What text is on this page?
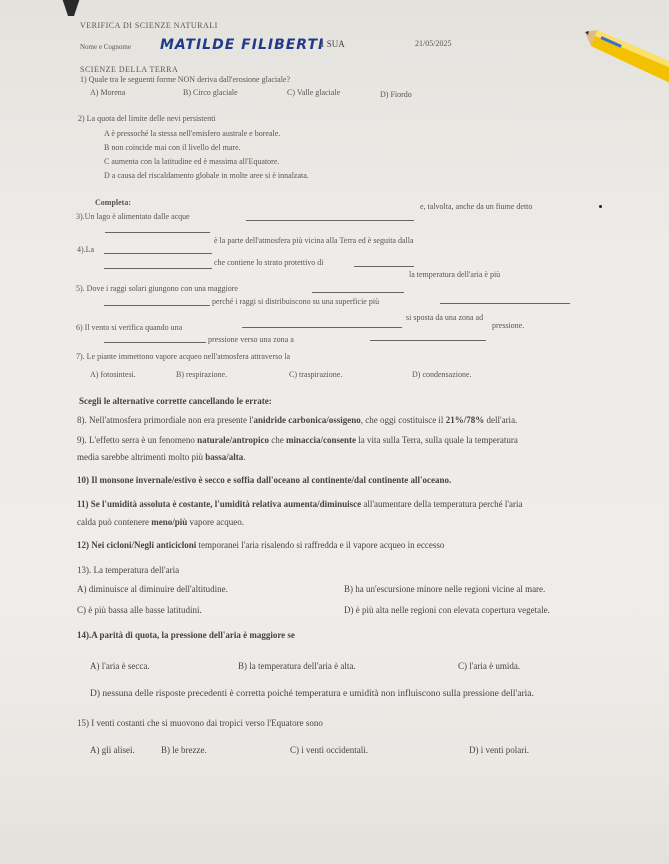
VERIFICA DI SCIENZE NATURALI
Nome e Cognome MATILDE FILIBERTI
1 SUA	21/05/2025
SCIENZE DELLA TERRA
1) Quale tra le seguenti forme NON deriva dall'erosione glaciale?
A) Morena	B) Circo glaciale	C) Valle glaciale	D) Fiordo
2) La quota del limite delle nevi persistenti
A è pressoché la stessa nell'emisfero australe e boreale.
B non coincide mai con il livello del mare.
C aumenta con la latitudine ed è massima all'Equatore.
D a causa del riscaldamento globale in molte aree si è innalzata.
Completa:
3).Un lago è alimentato dalle acque
e, talvolta, anche da un fiume detto
4).La
è la parte dell'atmosfera più vicina alla Terra ed è seguita dalla
che contiene lo strato protettivo di
5). Dove i raggi solari giungono con una maggiore
la temperatura dell'aria è più
perché i raggi si distribuiscono su una superficie più
6) Il vento si verifica quando una
si sposta da una zona ad
pressione verso una zona a
pressione.
7). Le piante immettono vapore acqueo nell'atmosfera attraverso la
A) fotosintesi.	B) respirazione.	C) traspirazione.	D) condensazione.
Scegli le alternative corrette cancellando le errate:
8). Nell'atmosfera primordiale non era presente l'anidride carbonica/ossigeno, che oggi costituisce il 21%/78% dell'aria.
9). L'effetto serra è un fenomeno naturale/antropico che minaccia/consente la vita sulla Terra, sulla quale la temperatura
media sarebbe altrimenti molto più bassa/alta.
10) Il monsone invernale/estivo è secco e soffia dall'oceano al continente/dal continente all'oceano.
11) Se l'umidità assoluta è costante, l'umidità relativa aumenta/diminuisce all'aumentare della temperatura perché l'aria
calda può contenere meno/più vapore acqueo.
12) Nei cicloni/Negli anticicloni temporanei l'aria risalendo si raffredda e il vapore acqueo in eccesso
13). La temperatura dell'aria
A) diminuisce al diminuire dell'altitudine.	B) ha un'escursione minore nelle regioni vicine al mare.
C) è più bassa alle basse latitudini.	D) è più alta nelle regioni con elevata copertura vegetale.
14).A parità di quota, la pressione dell'aria è maggiore se
A) l'aria è secca.	B) la temperatura dell'aria è alta.	C) l'aria è umida.
D) nessuna delle risposte precedenti è corretta poiché temperatura e umidità non influiscono sulla pressione dell'aria.
15) I venti costanti che si muovono dai tropici verso l'Equatore sono
A) gli alisei.	B) le brezze.	C) i venti occidentali.	D) i venti polari.
